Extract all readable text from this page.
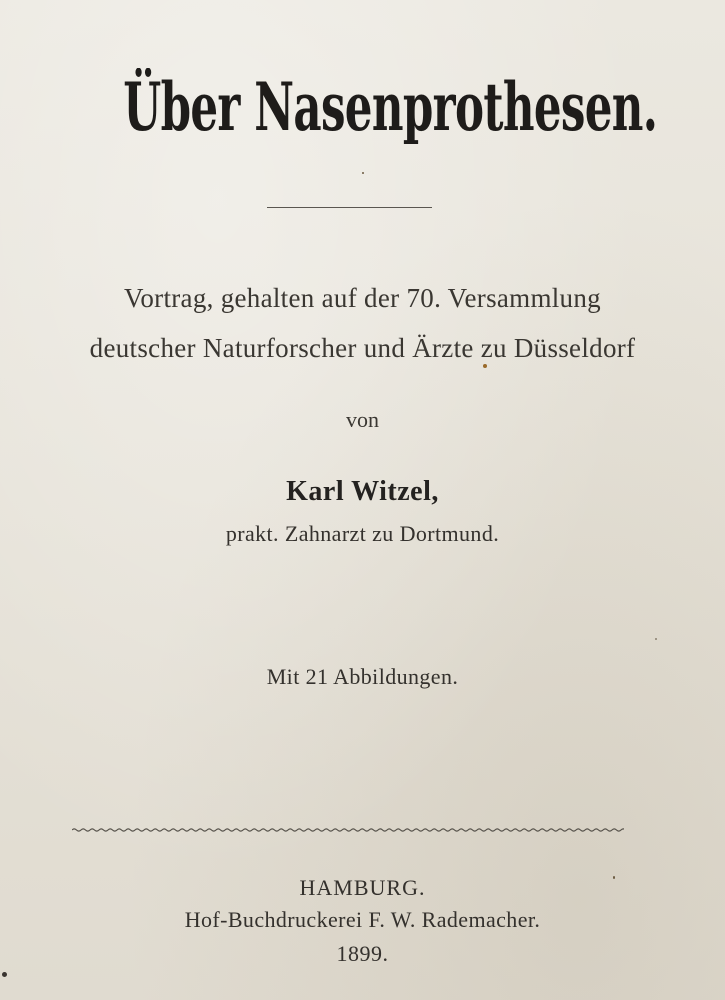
Über Nasenprothesen.
Vortrag, gehalten auf der 70. Versammlung
deutscher Naturforscher und Ärzte zu Düsseldorf
von
Karl Witzel,
prakt. Zahnarzt zu Dortmund.
Mit 21 Abbildungen.
HAMBURG.
Hof-Buchdruckerei F. W. Rademacher.
1899.
